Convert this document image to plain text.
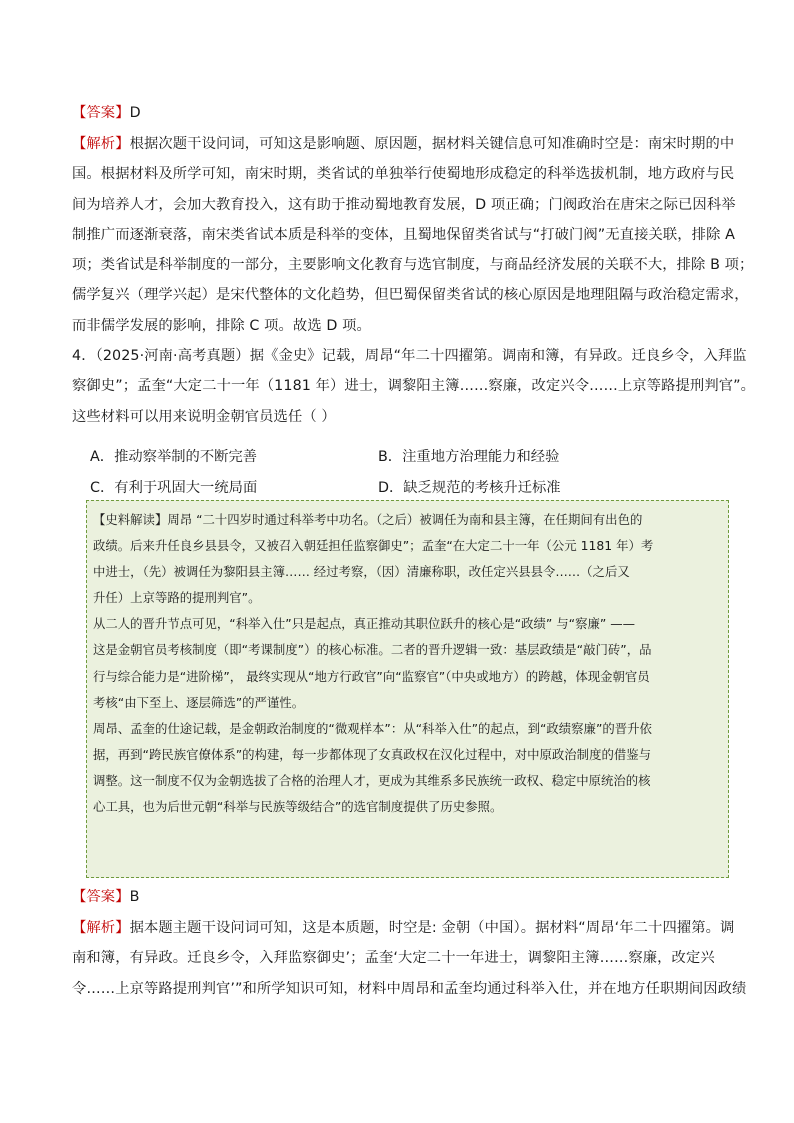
【答案】D
【解析】根据次题干设问词，可知这是影响题、原因题，据材料关键信息可知准确时空是：南宋时期的中
国。根据材料及所学可知，南宋时期，类省试的单独举行使蜀地形成稳定的科举选拔机制，地方政府与民
间为培养人才，会加大教育投入，这有助于推动蜀地教育发展，D 项正确；门阀政治在唐宋之际已因科举
制推广而逐渐衰落，南宋类省试本质是科举的变体，且蜀地保留类省试与“打破门阀”无直接关联，排除 A
项；类省试是科举制度的一部分，主要影响文化教育与选官制度，与商品经济发展的关联不大，排除 B 项；
儒学复兴（理学兴起）是宋代整体的文化趋势，但巴蜀保留类省试的核心原因是地理阻隔与政治稳定需求，
而非儒学发展的影响，排除 C 项。故选 D 项。
4．（2025·河南·高考真题）据《金史》记载，周昂“年二十四擢第。调南和簿，有异政。迁良乡令，入拜监
察御史”；孟奎“大定二十一年（1181 年）进士，调黎阳主簿……察廉，改定兴令……上京等路提刑判官”。
这些材料可以用来说明金朝官员选任（ ）
A．推动察举制的不断完善	B．注重地方治理能力和经验
C．有利于巩固大一统局面	D．缺乏规范的考核升迁标准
【史料解读】周昂 “二十四岁时通过科举考中功名。（之后）被调任为南和县主簿，在任期间有出色的
政绩。后来升任良乡县县令，又被召入朝廷担任监察御史”；孟奎“在大定二十一年（公元 1181 年）考
中进士，（先）被调任为黎阳县主簿…… 经过考察，（因）清廉称职，改任定兴县县令……（之后又
升任）上京等路的提刑判官”。
从二人的晋升节点可见，“科举入仕”只是起点，真正推动其职位跃升的核心是“政绩” 与“察廉” ——
这是金朝官员考核制度（即“考课制度”）的核心标准。二者的晋升逻辑一致：基层政绩是“敲门砖”，品
行与综合能力是“进阶梯”， 最终实现从“地方行政官”向“监察官”（中央或地方）的跨越，体现金朝官员
考核“由下至上、逐层筛选”的严谨性。
周昂、孟奎的仕途记载，是金朝政治制度的“微观样本”：从“科举入仕”的起点，到“政绩察廉”的晋升依
据，再到“跨民族官僚体系”的构建，每一步都体现了女真政权在汉化过程中，对中原政治制度的借鉴与
调整。这一制度不仅为金朝选拔了合格的治理人才，更成为其维系多民族统一政权、稳定中原统治的核
心工具，也为后世元朝“科举与民族等级结合”的选官制度提供了历史参照。
【答案】B
【解析】据本题主题干设问词可知，这是本质题，时空是: 金朝（中国）。据材料“周昂‘年二十四擢第。调
南和簿，有异政。迁良乡令，入拜监察御史’；孟奎‘大定二十一年进士，调黎阳主簿……察廉，改定兴
令……上京等路提刑判官’”和所学知识可知，材料中周昂和孟奎均通过科举入仕，并在地方任职期间因政绩
